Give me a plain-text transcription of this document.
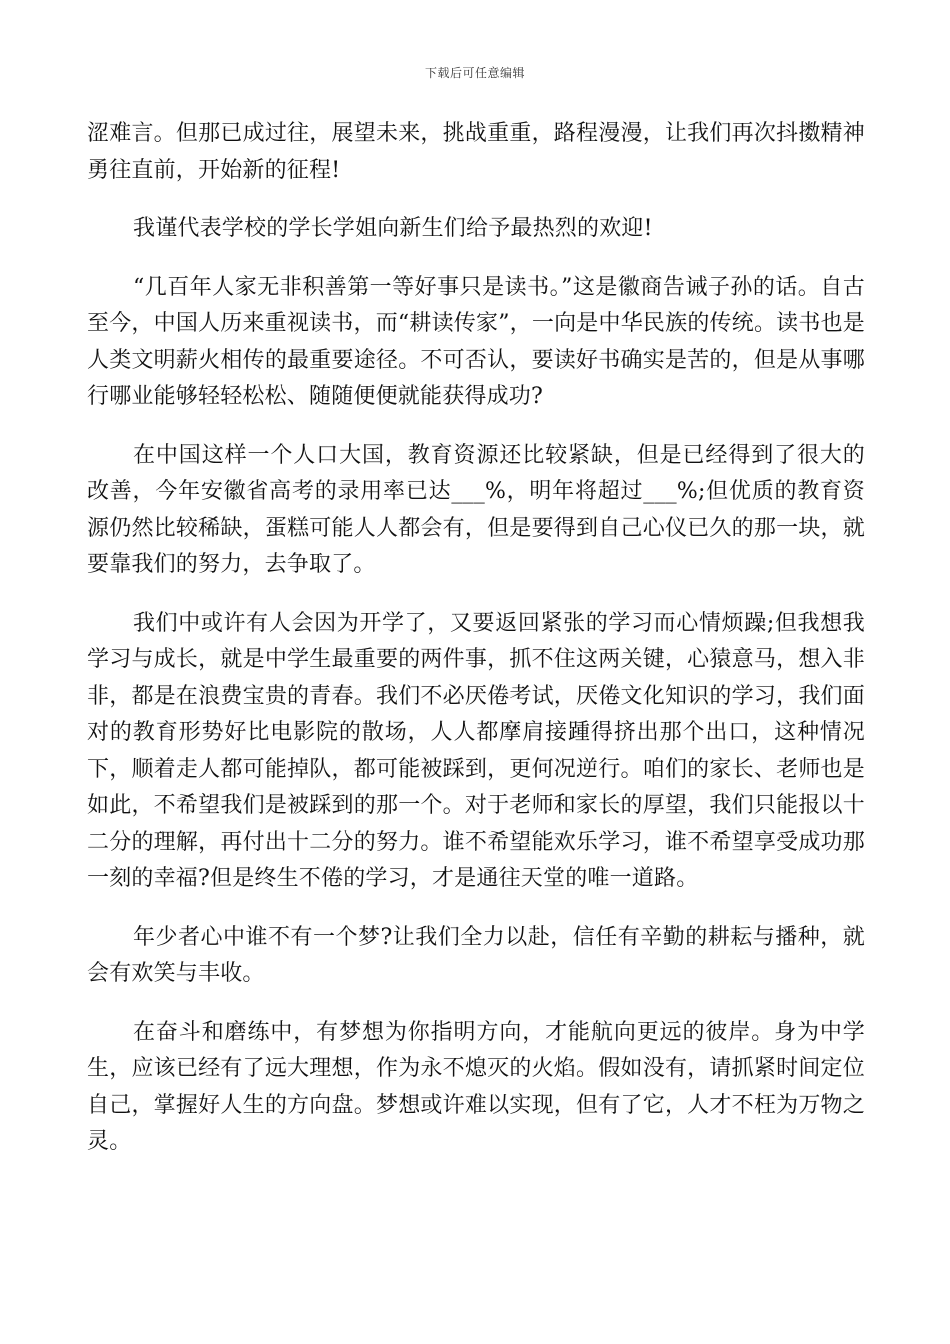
下载后可任意编辑

涩难言。但那已成过往，展望未来，挑战重重，路程漫漫，让我们再次抖擞精神勇往直前，开始新的征程!

我谨代表学校的学长学姐向新生们给予最热烈的欢迎!

“几百年人家无非积善第一等好事只是读书。”这是徽商告诫子孙的话。自古至今，中国人历来重视读书，而“耕读传家”，一向是中华民族的传统。读书也是人类文明薪火相传的最重要途径。不可否认，要读好书确实是苦的，但是从事哪行哪业能够轻轻松松、随随便便就能获得成功?

在中国这样一个人口大国，教育资源还比较紧缺，但是已经得到了很大的改善，今年安徽省高考的录用率已达___%，明年将超过___%;但优质的教育资源仍然比较稀缺，蛋糕可能人人都会有，但是要得到自己心仪已久的那一块，就要靠我们的努力，去争取了。

我们中或许有人会因为开学了，又要返回紧张的学习而心情烦躁;但我想我学习与成长，就是中学生最重要的两件事，抓不住这两关键，心猿意马，想入非非，都是在浪费宝贵的青春。我们不必厌倦考试，厌倦文化知识的学习，我们面对的教育形势好比电影院的散场，人人都摩肩接踵得挤出那个出口，这种情况下，顺着走人都可能掉队，都可能被踩到，更何况逆行。咱们的家长、老师也是如此，不希望我们是被踩到的那一个。对于老师和家长的厚望，我们只能报以十二分的理解，再付出十二分的努力。谁不希望能欢乐学习，谁不希望享受成功那一刻的幸福?但是终生不倦的学习，才是通往天堂的唯一道路。

年少者心中谁不有一个梦?让我们全力以赴，信任有辛勤的耕耘与播种，就会有欢笑与丰收。

在奋斗和磨练中，有梦想为你指明方向，才能航向更远的彼岸。身为中学生，应该已经有了远大理想，作为永不熄灭的火焰。假如没有，请抓紧时间定位自己，掌握好人生的方向盘。梦想或许难以实现，但有了它，人才不枉为万物之灵。
